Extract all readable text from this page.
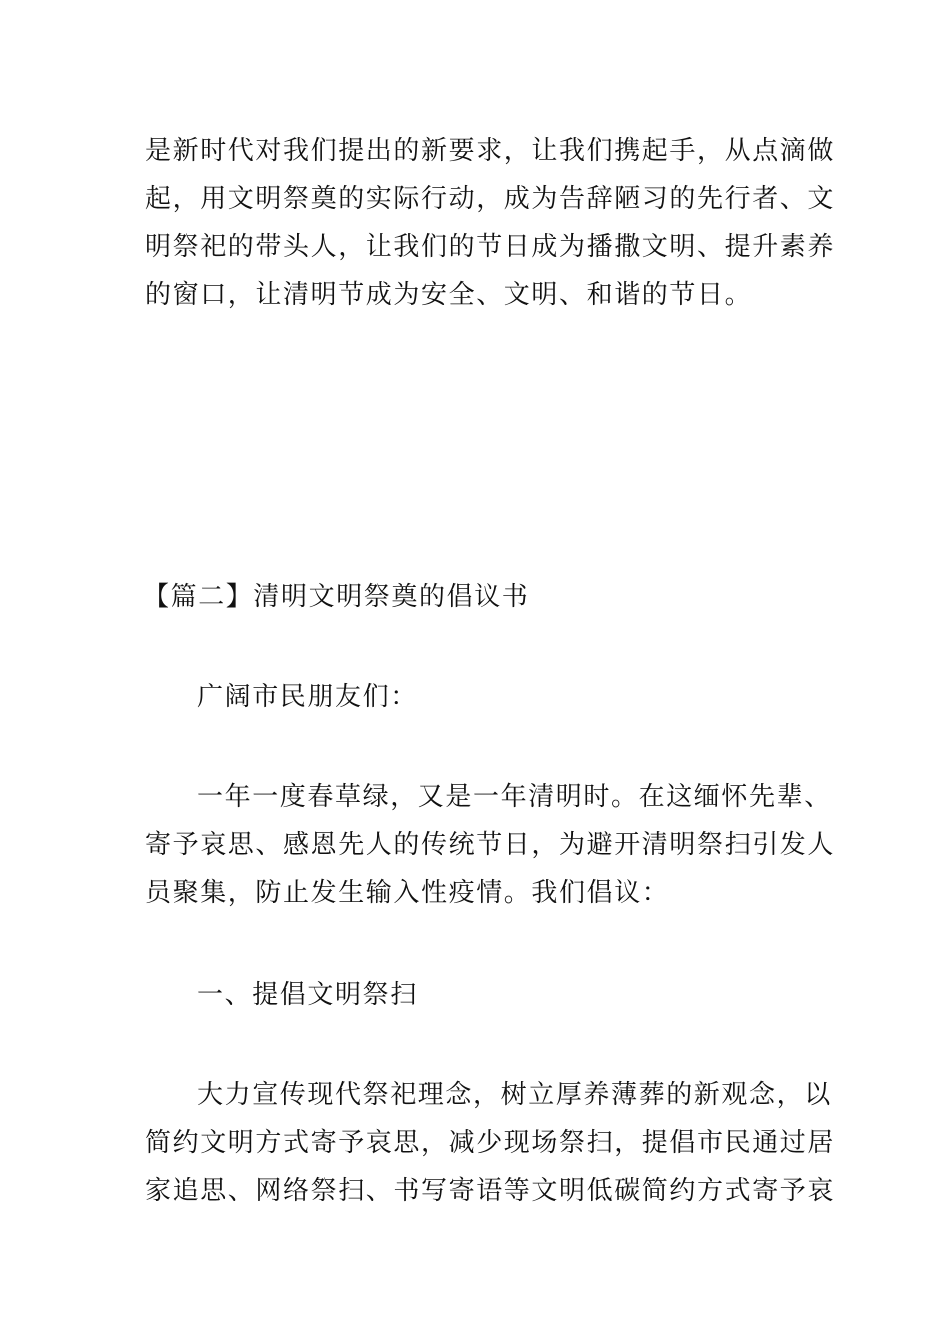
是新时代对我们提出的新要求，让我们携起手，从点滴做
起，用文明祭奠的实际行动，成为告辞陋习的先行者、文
明祭祀的带头人，让我们的节日成为播撒文明、提升素养
的窗口，让清明节成为安全、文明、和谐的节日。
【篇二】清明文明祭奠的倡议书
广阔市民朋友们：
一年一度春草绿，又是一年清明时。在这缅怀先辈、
寄予哀思、感恩先人的传统节日，为避开清明祭扫引发人
员聚集，防止发生输入性疫情。我们倡议：
一、提倡文明祭扫
大力宣传现代祭祀理念，树立厚养薄葬的新观念，以
简约文明方式寄予哀思，减少现场祭扫，提倡市民通过居
家追思、网络祭扫、书写寄语等文明低碳简约方式寄予哀
